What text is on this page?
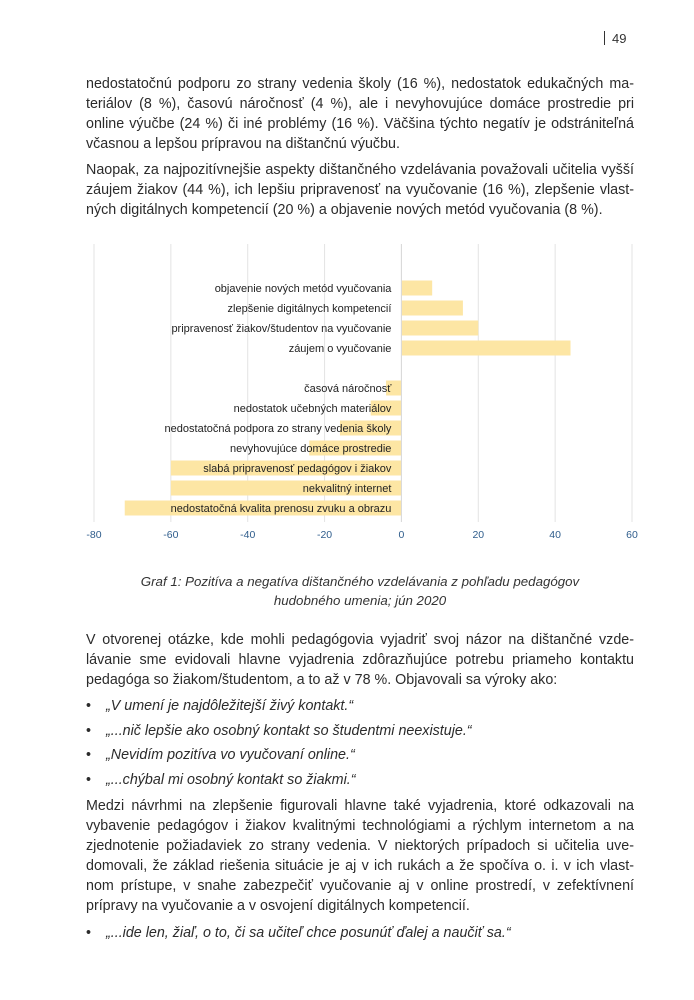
49

nedostatočnú podporu zo strany vedenia školy (16 %), nedostatok edukačných ma-
teriálov (8 %), časovú náročnosť (4 %), ale i nevyhovujúce domáce prostredie pri
online výučbe (24 %) či iné problémy (16 %). Väčšina týchto negatív je odstrániteľná
včasnou a lepšou prípravou na dištančnú výučbu.

Naopak, za najpozitívnejšie aspekty dištančného vzdelávania považovali učitelia vyšší
záujem žiakov (44 %), ich lepšiu pripravenosť na vyučovanie (16 %), zlepšenie vlast-
ných digitálnych kompetencií (20 %) a objavenie nových metód vyučovania (8 %).

-80	-60	-40	-20	0	20	40	60
objavenie nových metód vyučovania
zlepšenie digitálnych kompetencií
pripravenosť žiakov/študentov na vyučovanie
záujem o vyučovanie
časová náročnosť
nedostatok učebných materiálov
nedostatočná podpora zo strany vedenia školy
nevyhovujúce domáce prostredie
slabá pripravenosť pedagógov i žiakov
nekvalitný internet
nedostatočná kvalita prenosu zvuku a obrazu
Graf 1: Pozitíva a negatíva dištančného vzdelávania z pohľadu pedagógov
hudobného umenia; jún 2020

V otvorenej otázke, kde mohli pedagógovia vyjadriť svoj názor na dištančné vzde-
lávanie sme evidovali hlavne vyjadrenia zdôrazňujúce potrebu priameho kontaktu
pedagóga so žiakom/študentom, a to až v 78 %. Objavovali sa výroky ako:

• „V umení je najdôležitejší živý kontakt.“
• „...nič lepšie ako osobný kontakt so študentmi neexistuje.“
• „Nevidím pozitíva vo vyučovaní online.“
• „...chýbal mi osobný kontakt so žiakmi.“

Medzi návrhmi na zlepšenie figurovali hlavne také vyjadrenia, ktoré odkazovali na
vybavenie pedagógov i žiakov kvalitnými technológiami a rýchlym internetom a na
zjednotenie požiadaviek zo strany vedenia. V niektorých prípadoch si učitelia uve-
domovali, že základ riešenia situácie je aj v ich rukách a že spočíva o. i. v ich vlast-
nom prístupe, v snahe zabezpečiť vyučovanie aj v online prostredí, v zefektívnení
prípravy na vyučovanie a v osvojení digitálnych kompetencií.

• „...ide len, žiaľ, o to, či sa učiteľ chce posunúť ďalej a naučiť sa.“
